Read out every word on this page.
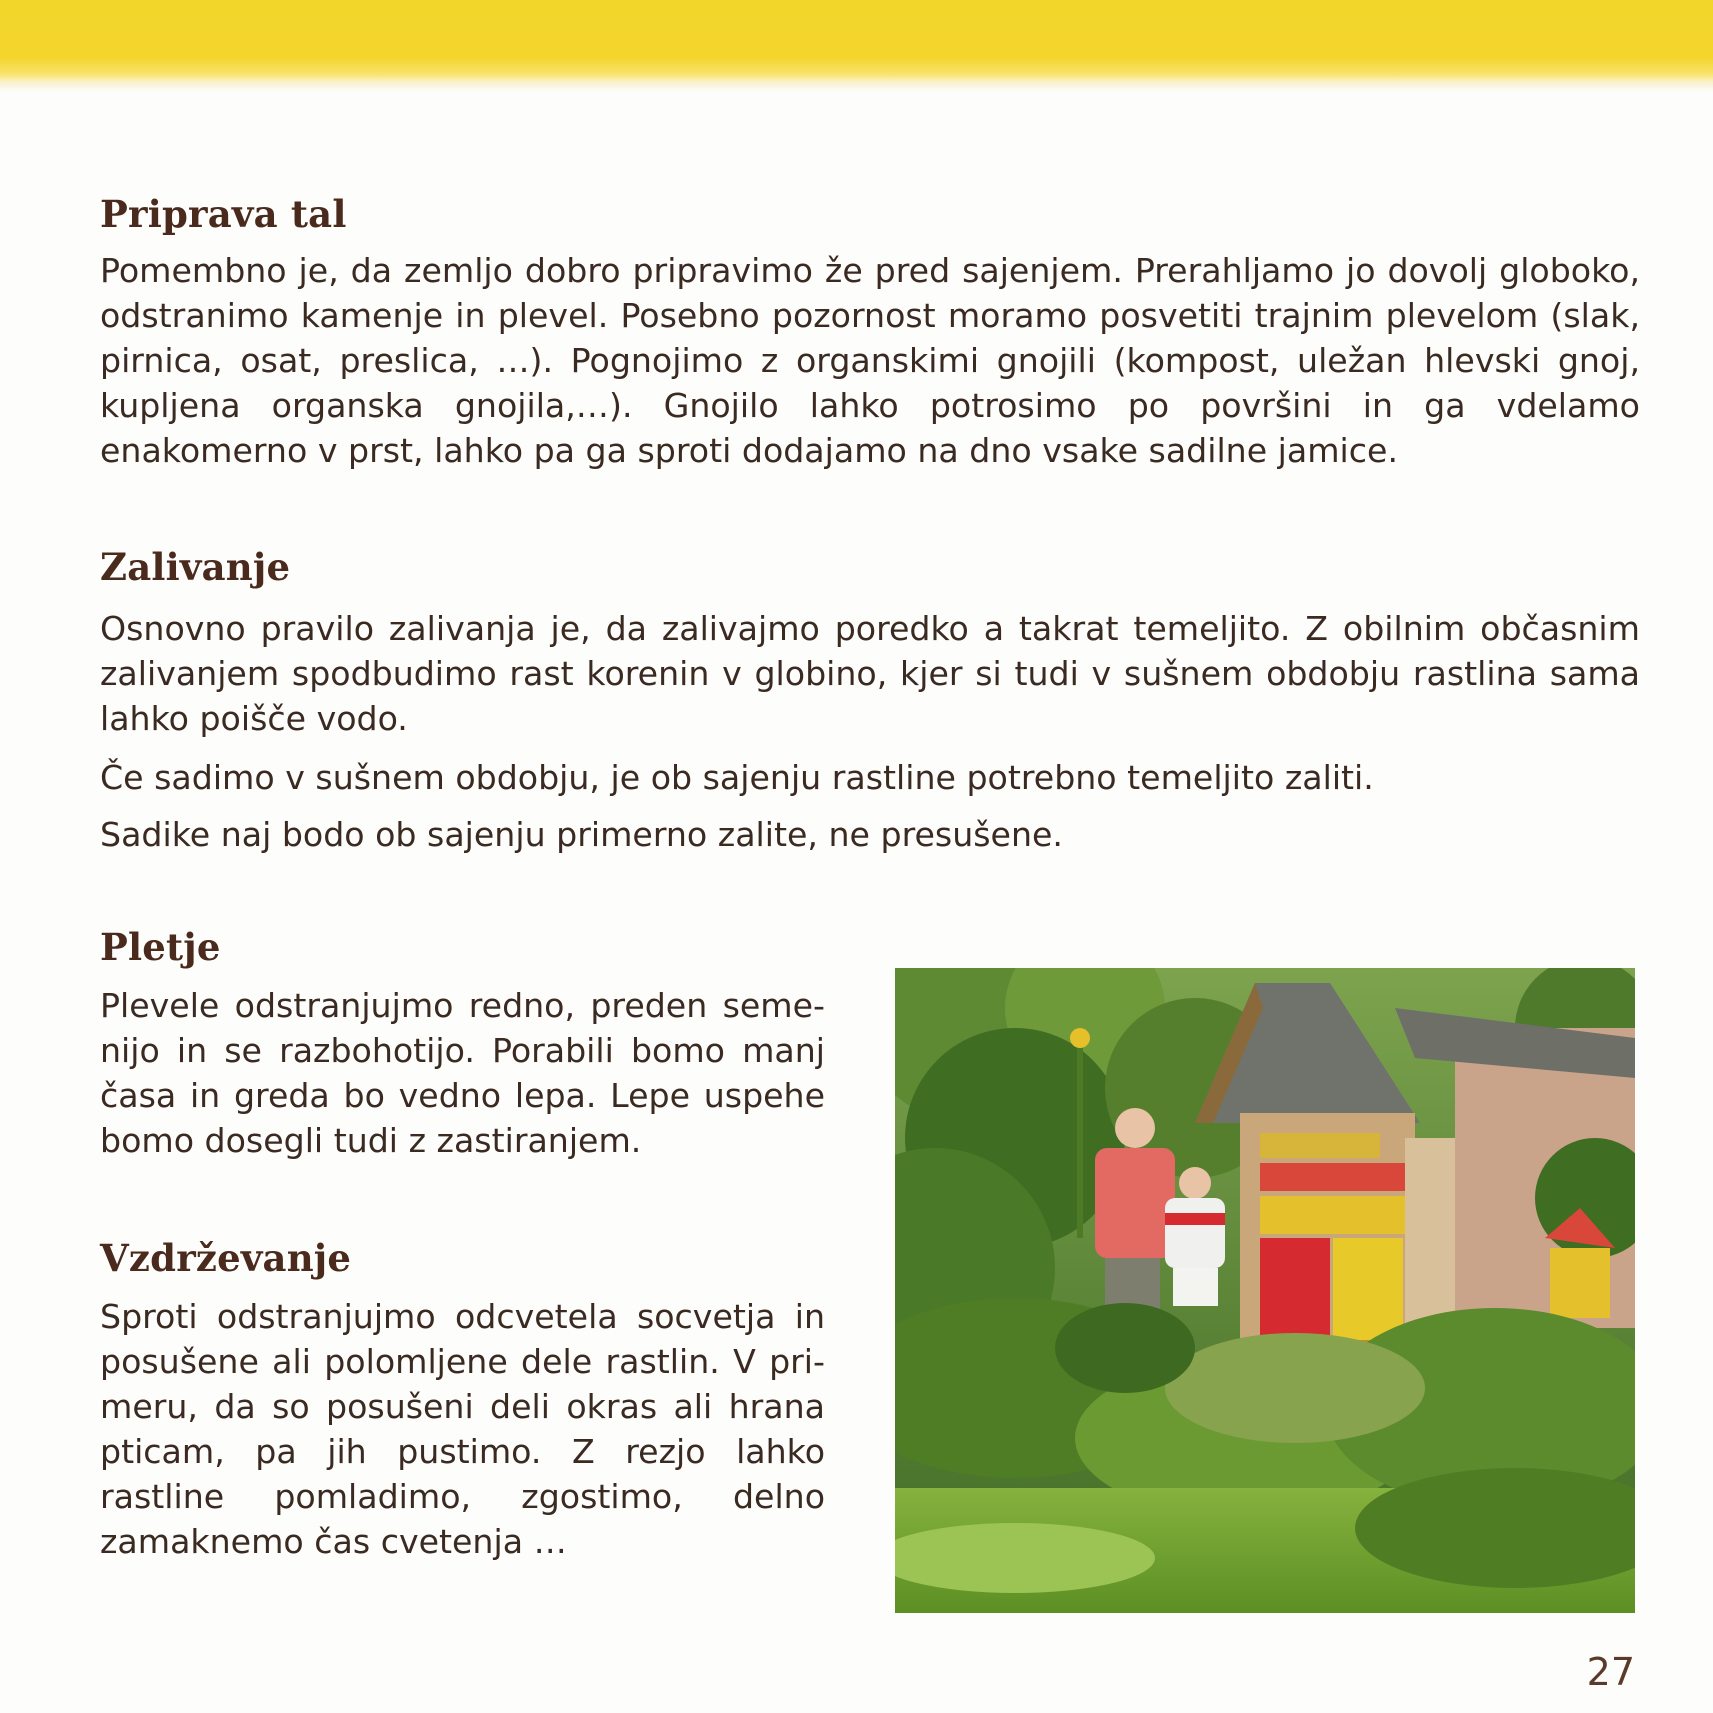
Priprava tal

Pomembno je, da zemljo dobro pripravimo že pred sajenjem. Prerahljamo jo dovolj globoko, odstranimo kamenje in plevel. Posebno pozornost moramo posvetiti trajnim plevelom (slak, pirnica, osat, preslica, …). Pognojimo z organskimi gnojili (kompost, uležan hlevski gnoj, kupljena organska gnojila,…). Gnojilo lahko potrosimo po površini in ga vdelamo enakomerno v prst, lahko pa ga sproti dodajamo na dno vsake sadilne jamice.

Zalivanje

Osnovno pravilo zalivanja je, da zalivajmo poredko a takrat temeljito. Z obilnim občasnim zalivanjem spodbudimo rast korenin v globino, kjer si tudi v sušnem obdobju rastlina sama lahko poišče vodo.

Če sadimo v sušnem obdobju, je ob sajenju rastline potrebno temeljito zaliti.

Sadike naj bodo ob sajenju primerno zalite, ne presušene.

Pletje

Plevele odstranjujmo redno, preden seme- nijo in se razbohotijo. Porabili bomo manj časa in greda bo vedno lepa. Lepe uspehe bomo dosegli tudi z zastiranjem.

Vzdrževanje

Sproti odstranjujmo odcvetela socvetja in posušene ali polomljene dele rastlin. V pri- meru, da so posušeni deli okras ali hrana pticam, pa jih pustimo. Z rezjo lahko rastline pomladimo, zgostimo, delno zamaknemo čas cvetenja …

27
